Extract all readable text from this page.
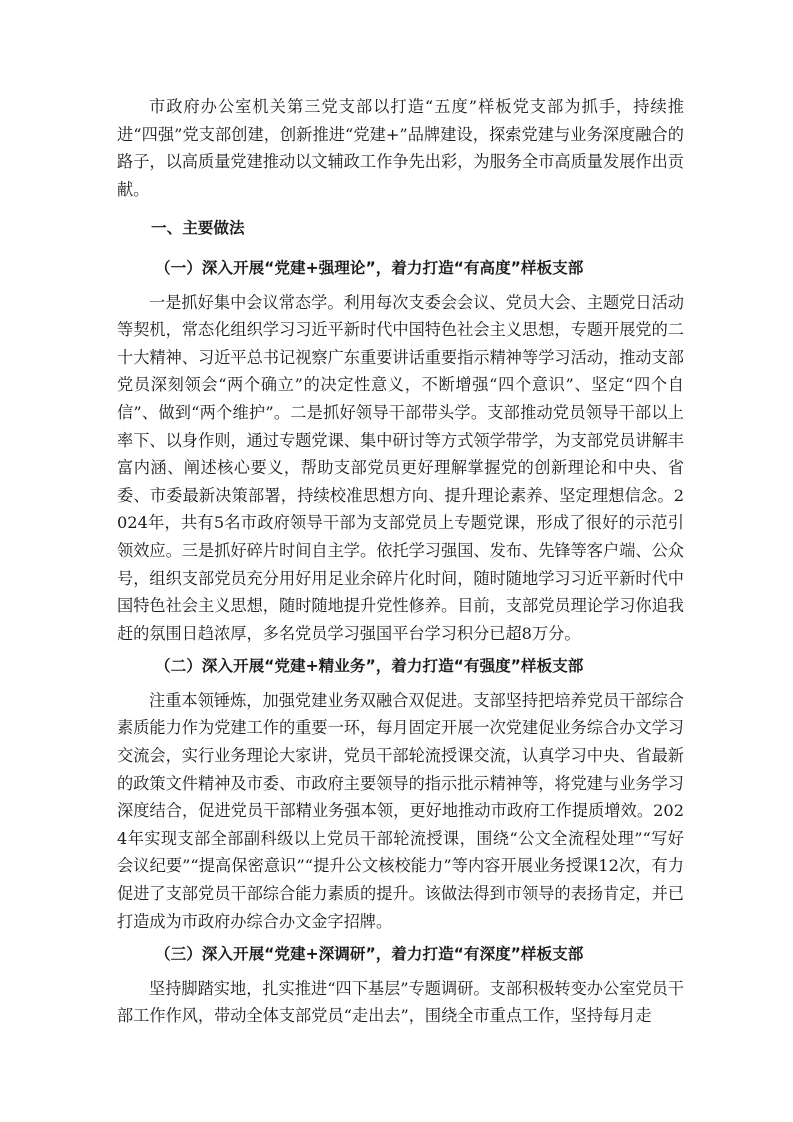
市政府办公室机关第三党支部以打造“五度”样板党支部为抓手，持续推进“四强”党支部创建，创新推进“党建+”品牌建设，探索党建与业务深度融合的路子，以高质量党建推动以文辅政工作争先出彩，为服务全市高质量发展作出贡献。

一、主要做法

（一）深入开展“党建+强理论”，着力打造“有高度”样板支部

一是抓好集中会议常态学。利用每次支委会会议、党员大会、主题党日活动等契机，常态化组织学习习近平新时代中国特色社会主义思想，专题开展党的二十大精神、习近平总书记视察广东重要讲话重要指示精神等学习活动，推动支部党员深刻领会“两个确立”的决定性意义，不断增强“四个意识”、坚定“四个自信”、做到“两个维护”。二是抓好领导干部带头学。支部推动党员领导干部以上率下、以身作则，通过专题党课、集中研讨等方式领学带学，为支部党员讲解丰富内涵、阐述核心要义，帮助支部党员更好理解掌握党的创新理论和中央、省委、市委最新决策部署，持续校准思想方向、提升理论素养、坚定理想信念。2024年，共有5名市政府领导干部为支部党员上专题党课，形成了很好的示范引领效应。三是抓好碎片时间自主学。依托学习强国、发布、先锋等客户端、公众号，组织支部党员充分用好用足业余碎片化时间，随时随地学习习近平新时代中国特色社会主义思想，随时随地提升党性修养。目前，支部党员理论学习你追我赶的氛围日趋浓厚，多名党员学习强国平台学习积分已超8万分。

（二）深入开展“党建+精业务”，着力打造“有强度”样板支部

注重本领锤炼，加强党建业务双融合双促进。支部坚持把培养党员干部综合素质能力作为党建工作的重要一环，每月固定开展一次党建促业务综合办文学习交流会，实行业务理论大家讲，党员干部轮流授课交流，认真学习中央、省最新的政策文件精神及市委、市政府主要领导的指示批示精神等，将党建与业务学习深度结合，促进党员干部精业务强本领，更好地推动市政府工作提质增效。2024年实现支部全部副科级以上党员干部轮流授课，围绕“公文全流程处理”“写好会议纪要”“提高保密意识”“提升公文核校能力”等内容开展业务授课12次，有力促进了支部党员干部综合能力素质的提升。该做法得到市领导的表扬肯定，并已打造成为市政府办综合办文金字招牌。

（三）深入开展“党建+深调研”，着力打造“有深度”样板支部

坚持脚踏实地，扎实推进“四下基层”专题调研。支部积极转变办公室党员干部工作作风，带动全体支部党员“走出去”，围绕全市重点工作，坚持每月走
